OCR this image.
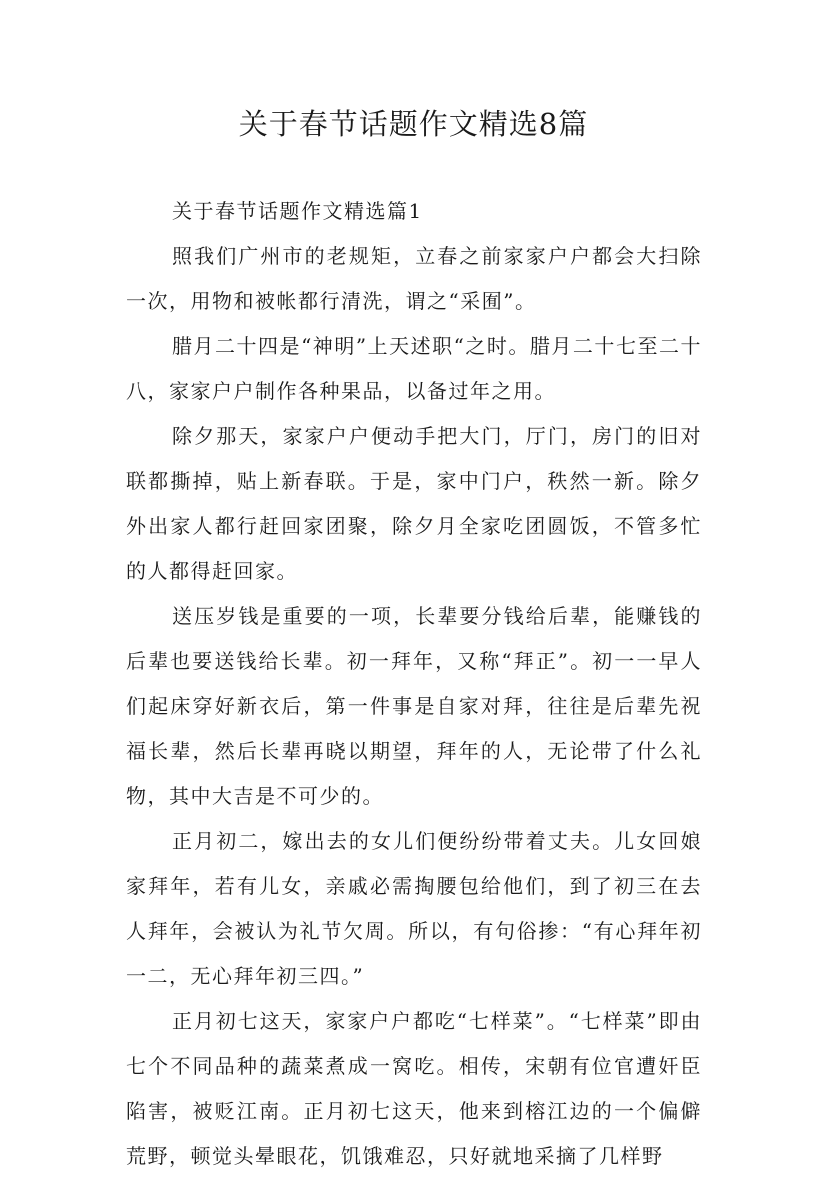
关于春节话题作文精选8篇
关于春节话题作文精选篇1

照我们广州市的老规矩，立春之前家家户户都会大扫除一次，用物和被帐都行清洗，谓之“采囿”。

腊月二十四是“神明”上天述职“之时。腊月二十七至二十八，家家户户制作各种果品，以备过年之用。

除夕那天，家家户户便动手把大门，厅门，房门的旧对联都撕掉，贴上新春联。于是，家中门户，秩然一新。除夕外出家人都行赶回家团聚，除夕月全家吃团圆饭，不管多忙的人都得赶回家。

送压岁钱是重要的一项，长辈要分钱给后辈，能赚钱的后辈也要送钱给长辈。初一拜年，又称“拜正”。初一一早人们起床穿好新衣后，第一件事是自家对拜，往往是后辈先祝福长辈，然后长辈再晓以期望，拜年的人，无论带了什么礼物，其中大吉是不可少的。

正月初二，嫁出去的女儿们便纷纷带着丈夫。儿女回娘家拜年，若有儿女，亲戚必需掏腰包给他们，到了初三在去人拜年，会被认为礼节欠周。所以，有句俗掺：“有心拜年初一二，无心拜年初三四。”

正月初七这天，家家户户都吃“七样菜”。“七样菜”即由七个不同品种的蔬菜煮成一窝吃。相传，宋朝有位官遭奸臣陷害，被贬江南。正月初七这天，他来到榕江边的一个偏僻荒野，顿觉头晕眼花，饥饿难忍，只好就地采摘了几样野
